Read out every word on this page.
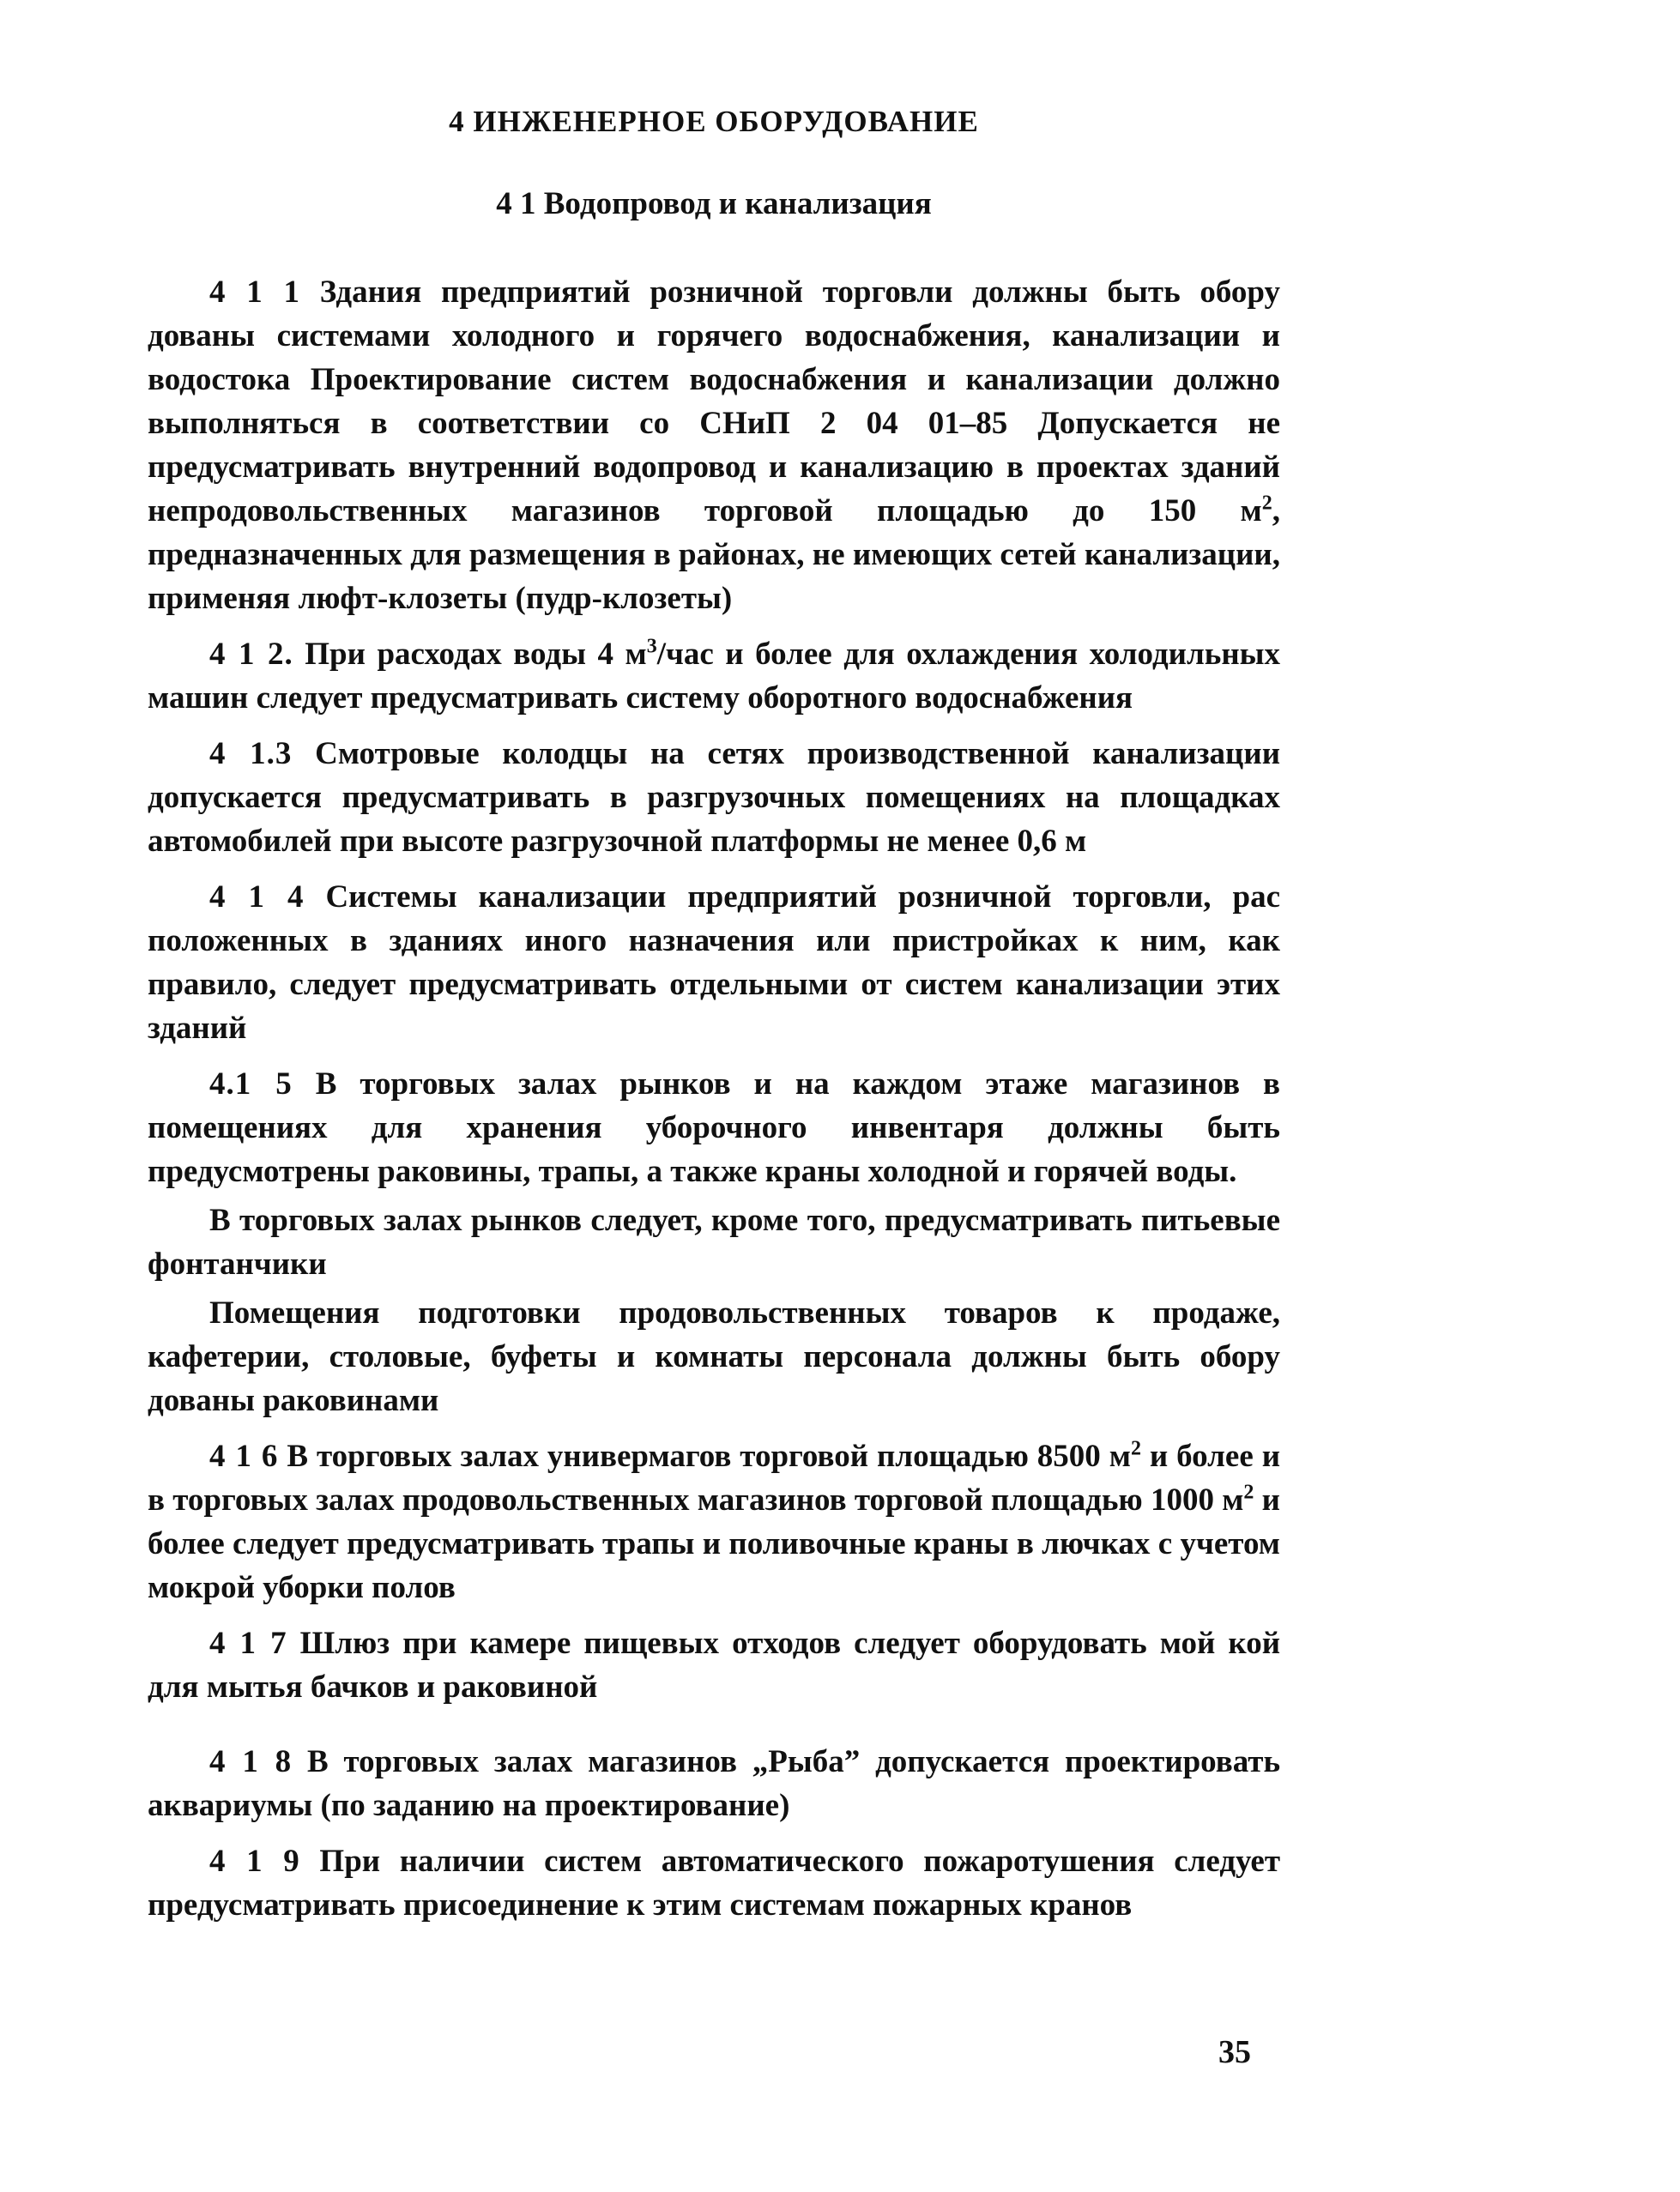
4 ИНЖЕНЕРНОЕ ОБОРУДОВАНИЕ
4 1 Водопровод и канализация

4 1 1 Здания предприятий розничной торговли должны быть обору дованы системами холодного и горячего водоснабжения, канализации и водостока Проектирование систем водоснабжения и канализации должно выполняться в соответствии со СНиП 2 04 01–85 Допускается не предусматривать внутренний водопровод и канализацию в проектах зданий непродовольственных магазинов торговой площадью до 150 $м^2$, предназначенных для размещения в районах, не имеющих сетей канализации, применяя люфт-клозеты (пудр-клозеты)

4 1 2. При расходах воды 4 $м^3$/час и более для охлаждения холодильных машин следует предусматривать систему оборотного водоснабжения

4 1.3 Смотровые колодцы на сетях производственной канализации допускается предусматривать в разгрузочных помещениях на площадках автомобилей при высоте разгрузочной платформы не менее 0,6 м

4 1 4 Системы канализации предприятий розничной торговли, рас положенных в зданиях иного назначения или пристройках к ним, как правило, следует предусматривать отдельными от систем канализации этих зданий

4.1 5 В торговых залах рынков и на каждом этаже магазинов в помещениях для хранения уборочного инвентаря должны быть предусмотрены раковины, трапы, а также краны холодной и горячей воды.

В торговых залах рынков следует, кроме того, предусматривать питьевые фонтанчики

Помещения подготовки продовольственных товаров к продаже, кафетерии, столовые, буфеты и комнаты персонала должны быть обору дованы раковинами

4 1 6 В торговых залах универмагов торговой площадью 8500 $м^2$ и более и в торговых залах продовольственных магазинов торговой площадью 1000 $м^2$ и более следует предусматривать трапы и поливочные краны в лючках с учетом мокрой уборки полов

4 1 7 Шлюз при камере пищевых отходов следует оборудовать мой кой для мытья бачков и раковиной

4 1 8 В торговых залах магазинов „Рыба” допускается проектировать аквариумы (по заданию на проектирование)

4 1 9 При наличии систем автоматического пожаротушения следует предусматривать присоединение к этим системам пожарных кранов

35
